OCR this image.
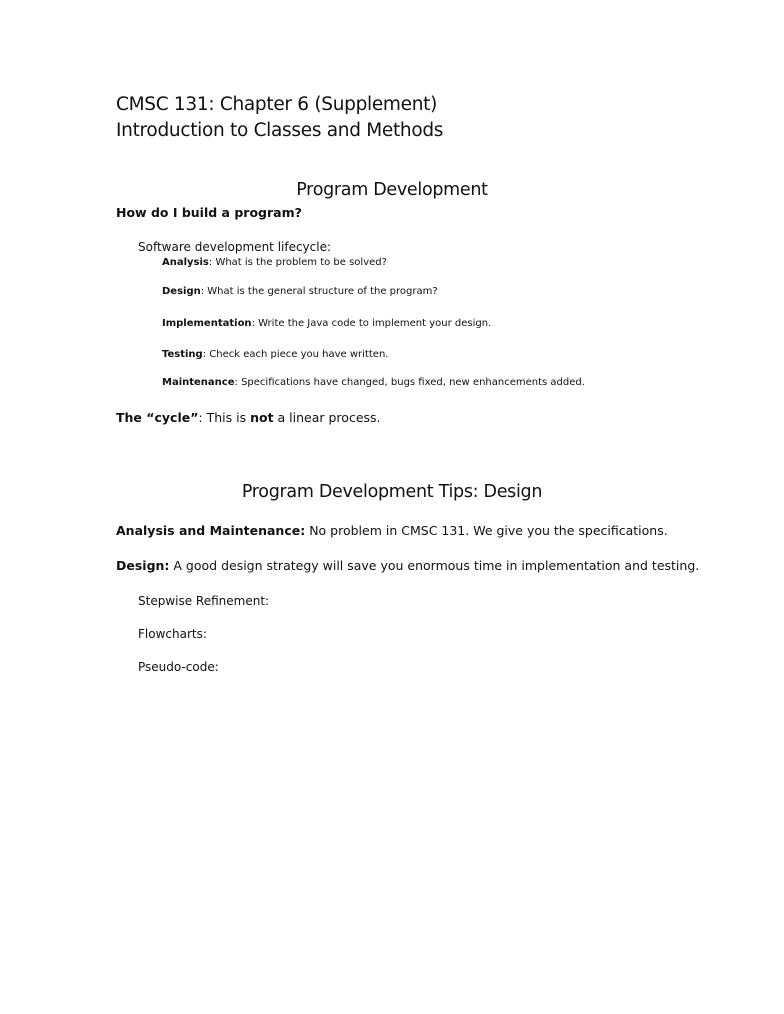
CMSC 131: Chapter 6 (Supplement)
Introduction to Classes and Methods
Program Development
How do I build a program?
Software development lifecycle:
Analysis: What is the problem to be solved?
Design: What is the general structure of the program?
Implementation: Write the Java code to implement your design.
Testing: Check each piece you have written.
Maintenance: Specifications have changed, bugs fixed, new enhancements added.
The “cycle”: This is not a linear process.
Program Development Tips: Design
Analysis and Maintenance: No problem in CMSC 131. We give you the specifications.
Design: A good design strategy will save you enormous time in implementation and testing.
Stepwise Refinement:
Flowcharts:
Pseudo-code:
